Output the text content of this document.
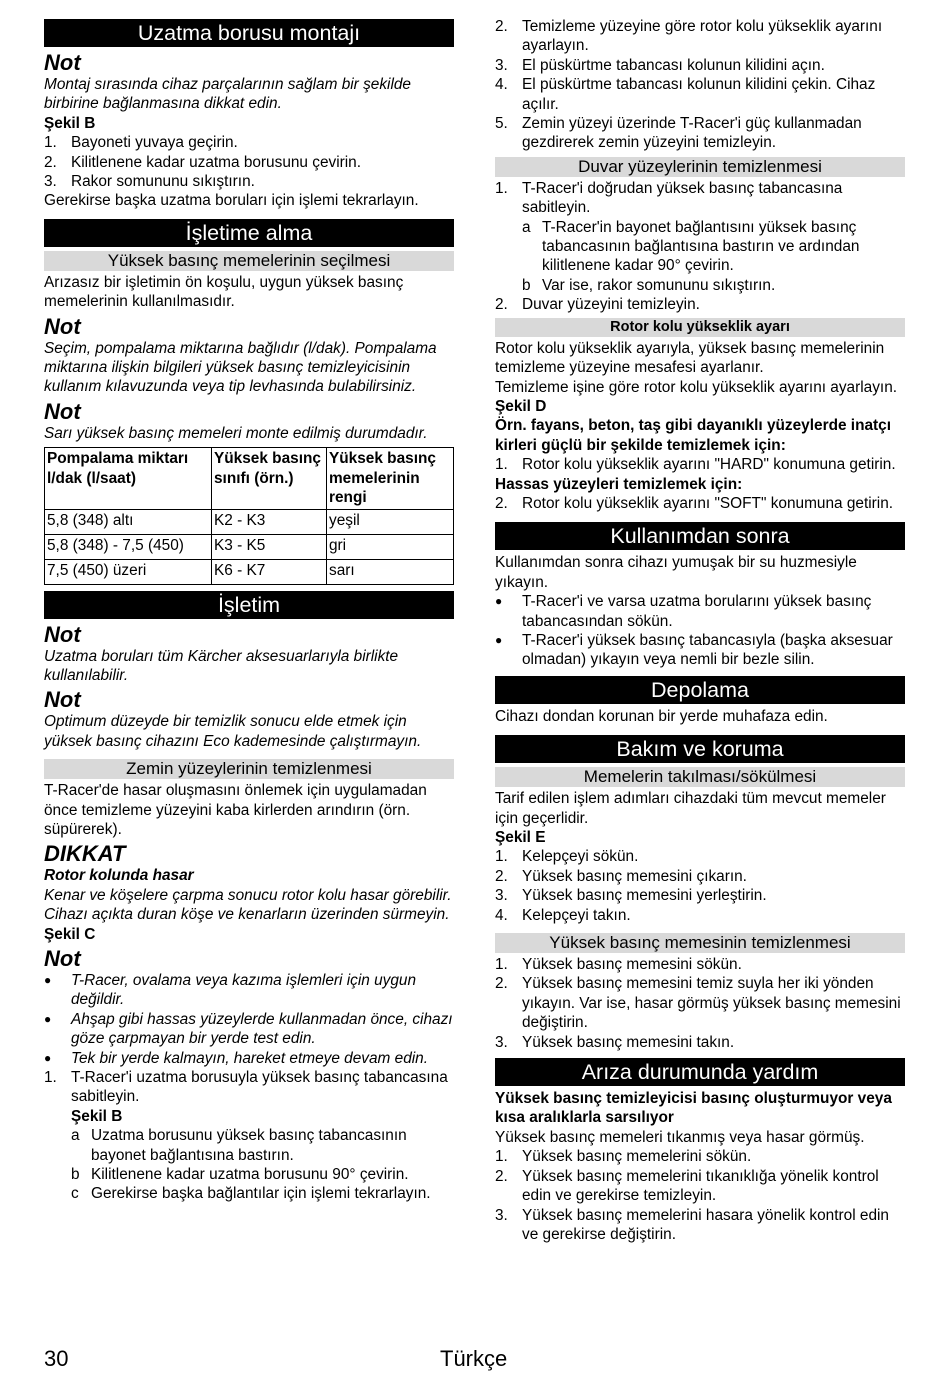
Uzatma borusu montajı
Not

Montaj sırasında cihaz parçalarının sağlam bir şekilde birbirine bağlanmasına dikkat edin.

Şekil B

1. Bayoneti yuvaya geçirin.
2. Kilitlenene kadar uzatma borusunu çevirin.
3. Rakor somununu sıkıştırın.

Gerekirse başka uzatma boruları için işlemi tekrarlayın.

İşletime alma
Yüksek basınç memelerinin seçilmesi

Arızasız bir işletimin ön koşulu, uygun yüksek basınç memelerinin kullanılmasıdır.

Not

Seçim, pompalama miktarına bağlıdır (l/dak). Pompalama miktarına ilişkin bilgileri yüksek basınç temizleyicisinin kullanım kılavuzunda veya tip levhasında bulabilirsiniz.

Not

Sarı yüksek basınç memeleri monte edilmiş durumdadır.

Pompalama miktarı l/dak (l/saat)	Yüksek basınç sınıfı (örn.)	Yüksek basınç memelerinin rengi
5,8 (348) altı	K2 - K3	yeşil
5,8 (348) - 7,5 (450)	K3 - K5	gri
7,5 (450) üzeri	K6 - K7	sarı
İşletim
Not

Uzatma boruları tüm Kärcher aksesuarlarıyla birlikte kullanılabilir.

Not

Optimum düzeyde bir temizlik sonucu elde etmek için yüksek basınç cihazını Eco kademesinde çalıştırmayın.

Zemin yüzeylerinin temizlenmesi

T-Racer'de hasar oluşmasını önlemek için uygulamadan önce temizleme yüzeyini kaba kirlerden arındırın (örn. süpürerek).

DIKKAT

Rotor kolunda hasar

Kenar ve köşelere çarpma sonucu rotor kolu hasar görebilir.

Cihazı açıkta duran köşe ve kenarların üzerinden sürmeyin.

Şekil C

Not
●	T-Racer, ovalama veya kazıma işlemleri için uygun değildir.
●	Ahşap gibi hassas yüzeylerde kullanmadan önce, cihazı göze çarpmayan bir yerde test edin.
●	Tek bir yerde kalmayın, hareket etmeye devam edin.
1. T-Racer'i uzatma borusuyla yüksek basınç tabancasına sabitleyin.
Şekil B
a Uzatma borusunu yüksek basınç tabancasının bayonet bağlantısına bastırın.
b Kilitlenene kadar uzatma borusunu 90° çevirin.
c Gerekirse başka bağlantılar için işlemi tekrarlayın.
2. Temizleme yüzeyine göre rotor kolu yükseklik ayarını ayarlayın.
3. El püskürtme tabancası kolunun kilidini açın.
4. El püskürtme tabancası kolunun kilidini çekin. Cihaz açılır.
5. Zemin yüzeyi üzerinde T-Racer'i güç kullanmadan gezdirerek zemin yüzeyini temizleyin.
Duvar yüzeylerinin temizlenmesi
1. T-Racer'i doğrudan yüksek basınç tabancasına sabitleyin.
a T-Racer'in bayonet bağlantısını yüksek basınç tabancasının bağlantısına bastırın ve ardından kilitlenene kadar 90° çevirin.
b Var ise, rakor somununu sıkıştırın.
2. Duvar yüzeyini temizleyin.
Rotor kolu yükseklik ayarı

Rotor kolu yükseklik ayarıyla, yüksek basınç memelerinin temizleme yüzeyine mesafesi ayarlanır.

Temizleme işine göre rotor kolu yükseklik ayarını ayarlayın.

Şekil D

Örn. fayans, beton, taş gibi dayanıklı yüzeylerde inatçı kirleri güçlü bir şekilde temizlemek için:

1. Rotor kolu yükseklik ayarını "HARD" konumuna getirin.

Hassas yüzeyleri temizlemek için:

2. Rotor kolu yükseklik ayarını "SOFT" konumuna getirin.
Kullanımdan sonra

Kullanımdan sonra cihazı yumuşak bir su huzmesiyle yıkayın.

●	T-Racer'i ve varsa uzatma borularını yüksek basınç tabancasından sökün.
●	T-Racer'i yüksek basınç tabancasıyla (başka aksesuar olmadan) yıkayın veya nemli bir bezle silin.
Depolama

Cihazı dondan korunan bir yerde muhafaza edin.

Bakım ve koruma
Memelerin takılması/sökülmesi

Tarif edilen işlem adımları cihazdaki tüm mevcut memeler için geçerlidir.

Şekil E

1. Kelepçeyi sökün.
2. Yüksek basınç memesini çıkarın.
3. Yüksek basınç memesini yerleştirin.
4. Kelepçeyi takın.
Yüksek basınç memesinin temizlenmesi
1. Yüksek basınç memesini sökün.
2. Yüksek basınç memesini temiz suyla her iki yönden yıkayın. Var ise, hasar görmüş yüksek basınç memesini değiştirin.
3. Yüksek basınç memesini takın.
Arıza durumunda yardım

Yüksek basınç temizleyicisi basınç oluşturmuyor veya kısa aralıklarla sarsılıyor

Yüksek basınç memeleri tıkanmış veya hasar görmüş.

1. Yüksek basınç memelerini sökün.
2. Yüksek basınç memelerini tıkanıklığa yönelik kontrol edin ve gerekirse temizleyin.
3. Yüksek basınç memelerini hasara yönelik kontrol edin ve gerekirse değiştirin.
30	Türkçe
